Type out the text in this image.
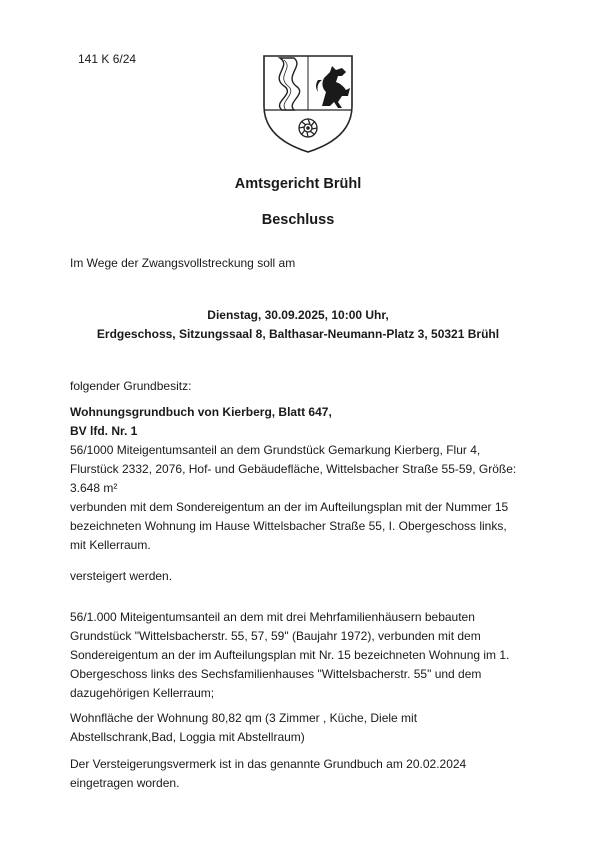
141 K 6/24
Amtsgericht Brühl
Beschluss
Im Wege der Zwangsvollstreckung soll am
Dienstag, 30.09.2025, 10:00 Uhr,
Erdgeschoss, Sitzungssaal 8, Balthasar-Neumann-Platz 3, 50321 Brühl
folgender Grundbesitz:
Wohnungsgrundbuch von Kierberg, Blatt 647,
BV lfd. Nr. 1
56/1000 Miteigentumsanteil an dem Grundstück Gemarkung Kierberg, Flur 4,
Flurstück 2332, 2076, Hof- und Gebäudefläche, Wittelsbacher Straße 55-59, Größe:
3.648 m²
verbunden mit dem Sondereigentum an der im Aufteilungsplan mit der Nummer 15
bezeichneten Wohnung im Hause Wittelsbacher Straße 55, I. Obergeschoss links,
mit Kellerraum.
versteigert werden.
56/1.000 Miteigentumsanteil an dem mit drei Mehrfamilienhäusern bebauten
Grundstück "Wittelsbacherstr. 55, 57, 59" (Baujahr 1972), verbunden mit dem
Sondereigentum an der im Aufteilungsplan mit Nr. 15 bezeichneten Wohnung im 1.
Obergeschoss links des Sechsfamilienhauses "Wittelsbacherstr. 55" und dem
dazugehörigen Kellerraum;
Wohnfläche der Wohnung 80,82 qm (3 Zimmer , Küche, Diele mit
Abstellschrank,Bad, Loggia mit Abstellraum)
Der Versteigerungsvermerk ist in das genannte Grundbuch am 20.02.2024
eingetragen worden.
